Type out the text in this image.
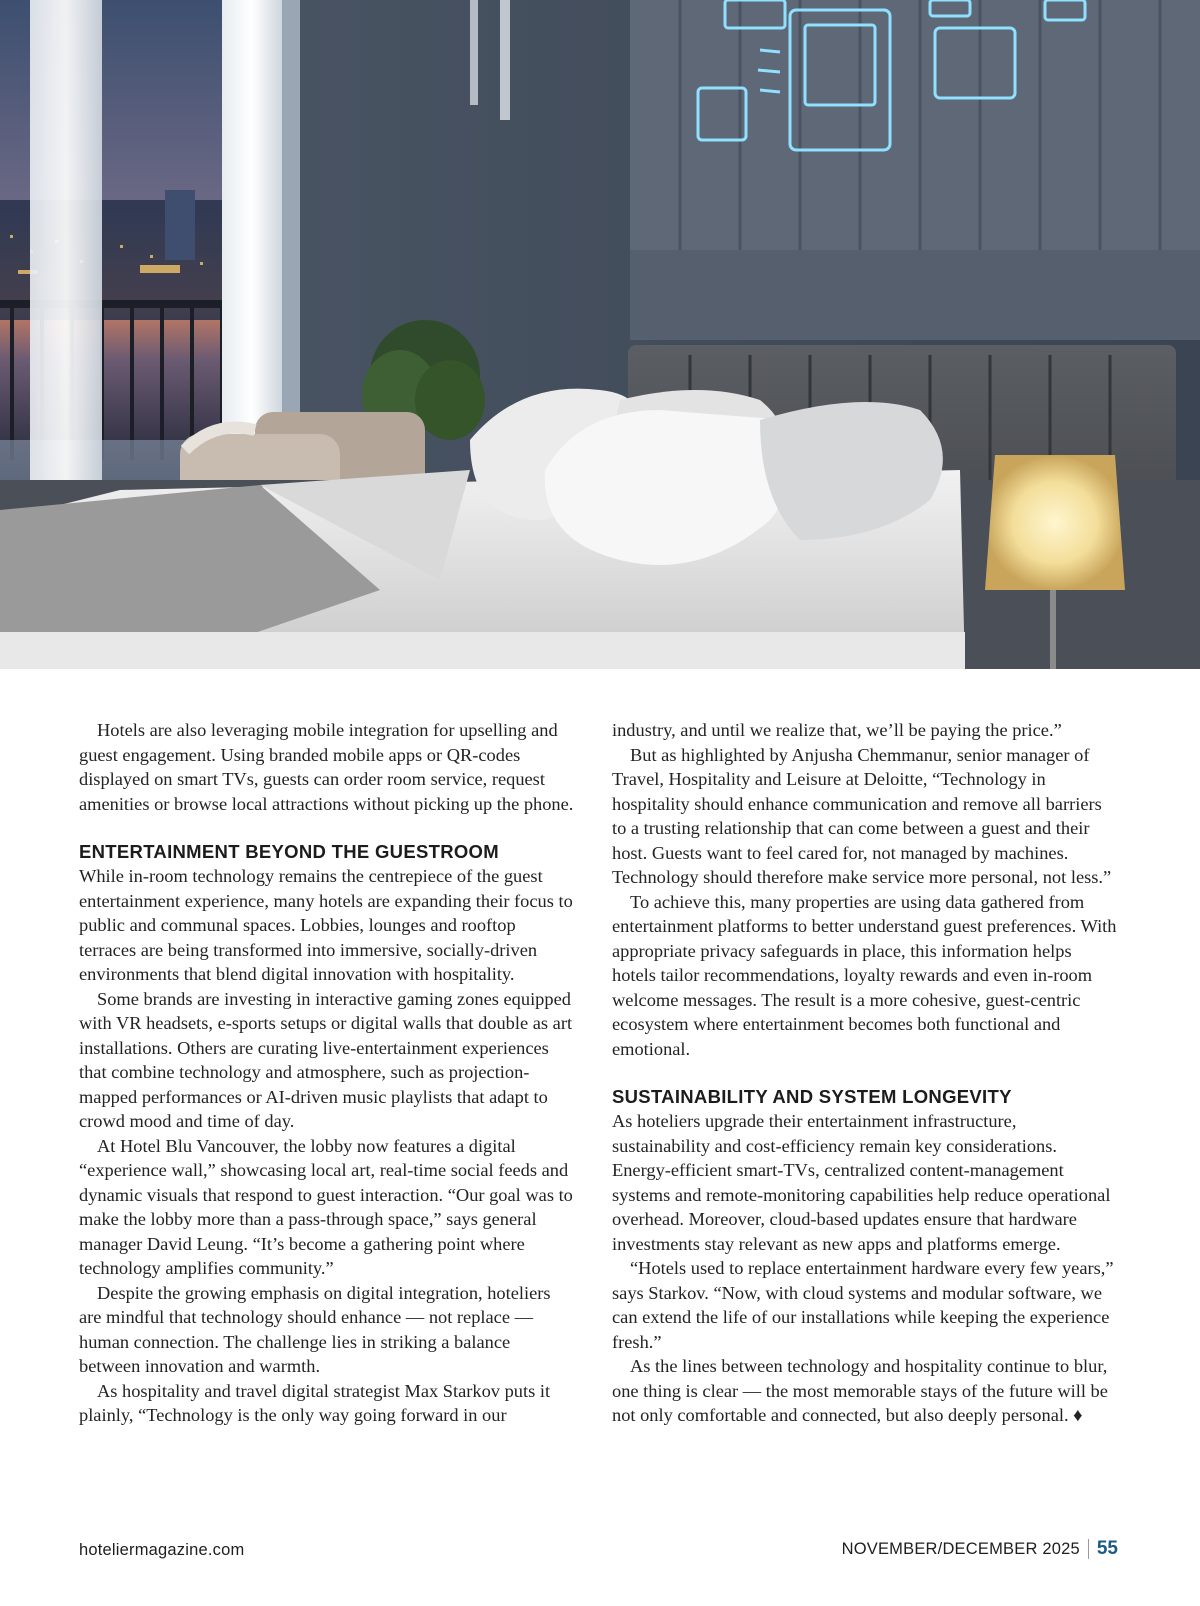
Hotels are also leveraging mobile integration for upselling and guest engagement. Using branded mobile apps or QR-codes displayed on smart TVs, guests can order room service, request amenities or browse local attractions without picking up the phone.

ENTERTAINMENT BEYOND THE GUESTROOM

While in-room technology remains the centrepiece of the guest entertainment experience, many hotels are expanding their focus to public and communal spaces. Lobbies, lounges and rooftop terraces are being transformed into immersive, socially-driven environments that blend digital innovation with hospitality.

Some brands are investing in interactive gaming zones equipped with VR headsets, e-sports setups or digital walls that double as art installations. Others are curating live-entertainment experiences that combine technology and atmosphere, such as projection-mapped performances or AI-driven music playlists that adapt to crowd mood and time of day.

At Hotel Blu Vancouver, the lobby now features a digital “experience wall,” showcasing local art, real-time social feeds and dynamic visuals that respond to guest interaction. “Our goal was to make the lobby more than a pass-through space,” says general manager David Leung. “It’s become a gathering point where technology amplifies community.”

Despite the growing emphasis on digital integration, hoteliers are mindful that technology should enhance — not replace — human connection. The challenge lies in striking a balance between innovation and warmth.

As hospitality and travel digital strategist Max Starkov puts it plainly, “Technology is the only way going forward in our

industry, and until we realize that, we’ll be paying the price.”

But as highlighted by Anjusha Chemmanur, senior manager of Travel, Hospitality and Leisure at Deloitte, “Technology in hospitality should enhance communication and remove all barriers to a trusting relationship that can come between a guest and their host. Guests want to feel cared for, not managed by machines. Technology should therefore make service more personal, not less.”

To achieve this, many properties are using data gathered from entertainment platforms to better understand guest preferences. With appropriate privacy safeguards in place, this information helps hotels tailor recommendations, loyalty rewards and even in-room welcome messages. The result is a more cohesive, guest-centric ecosystem where entertainment becomes both functional and emotional.

SUSTAINABILITY AND SYSTEM LONGEVITY

As hoteliers upgrade their entertainment infrastructure, sustainability and cost-efficiency remain key considerations. Energy-efficient smart-TVs, centralized content-management systems and remote-monitoring capabilities help reduce operational overhead. Moreover, cloud-based updates ensure that hardware investments stay relevant as new apps and platforms emerge.

“Hotels used to replace entertainment hardware every few years,” says Starkov. “Now, with cloud systems and modular software, we can extend the life of our installations while keeping the experience fresh.”

As the lines between technology and hospitality continue to blur, one thing is clear — the most memorable stays of the future will be not only comfortable and connected, but also deeply personal. ♦

hoteliermagazine.com	NOVEMBER/DECEMBER 2025 55
